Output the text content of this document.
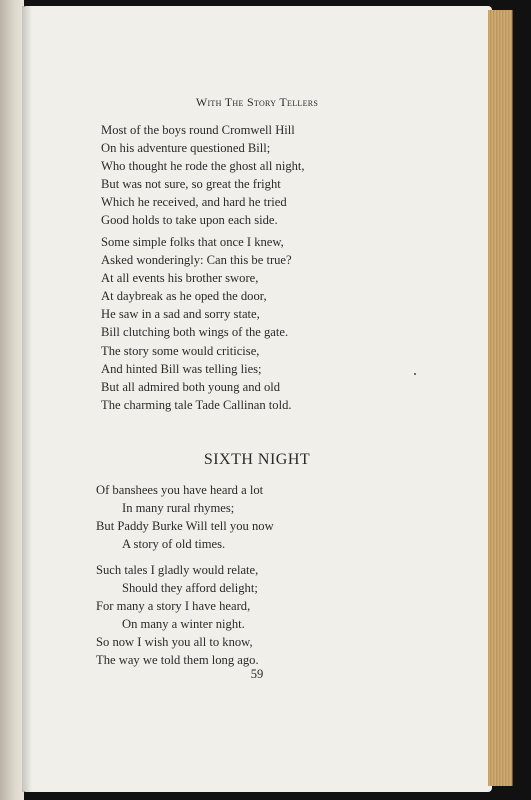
With The Story Tellers
Most of the boys round Cromwell Hill
On his adventure questioned Bill;
Who thought he rode the ghost all night,
But was not sure, so great the fright
Which he received, and hard he tried
Good holds to take upon each side.
Some simple folks that once I knew,
Asked wonderingly: Can this be true?
At all events his brother swore,
At daybreak as he oped the door,
He saw in a sad and sorry state,
Bill clutching both wings of the gate.
The story some would criticise,
And hinted Bill was telling lies;
But all admired both young and old
The charming tale Tade Callinan told.
SIXTH NIGHT
Of banshees you have heard a lot
In many rural rhymes;
But Paddy Burke Will tell you now
A story of old times.
Such tales I gladly would relate,
Should they afford delight;
For many a story I have heard,
On many a winter night.
So now I wish you all to know,
The way we told them long ago.
59
